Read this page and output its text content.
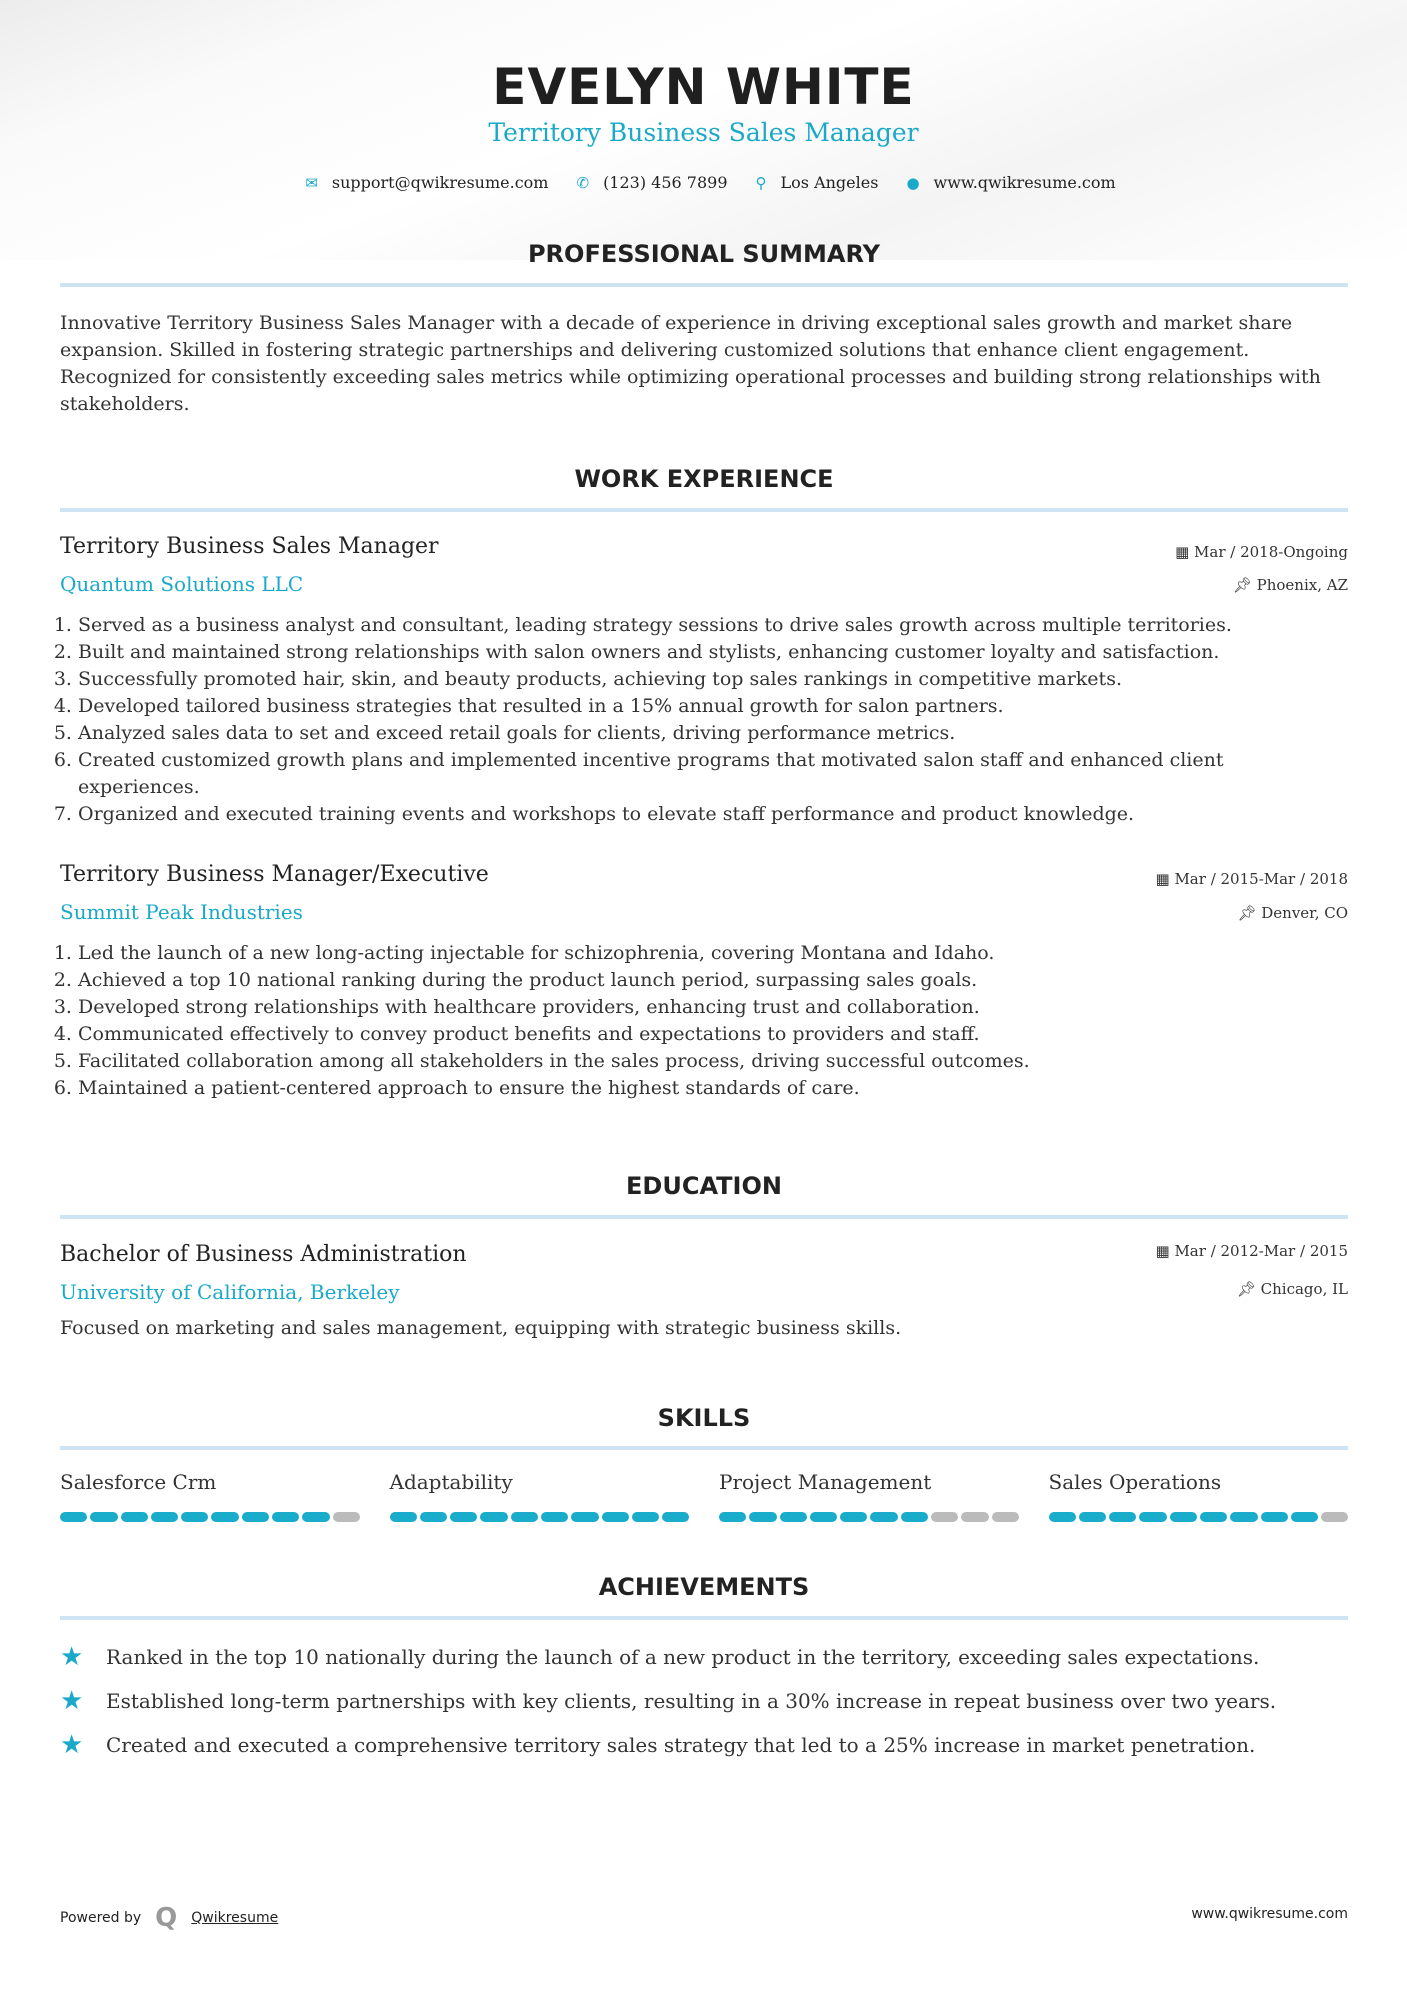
EVELYN WHITE
Territory Business Sales Manager
✉ support@qwikresume.com ✆ (123) 456 7899 ⚲ Los Angeles ● www.qwikresume.com
PROFESSIONAL SUMMARY
Innovative Territory Business Sales Manager with a decade of experience in driving exceptional sales growth and market share expansion. Skilled in fostering strategic partnerships and delivering customized solutions that enhance client engagement. Recognized for consistently exceeding sales metrics while optimizing operational processes and building strong relationships with stakeholders.
WORK EXPERIENCE
Territory Business Sales Manager	▦ Mar / 2018-Ongoing
Quantum Solutions LLC	📌︎ Phoenix, AZ
1. Served as a business analyst and consultant, leading strategy sessions to drive sales growth across multiple territories.
2. Built and maintained strong relationships with salon owners and stylists, enhancing customer loyalty and satisfaction.
3. Successfully promoted hair, skin, and beauty products, achieving top sales rankings in competitive markets.
4. Developed tailored business strategies that resulted in a 15% annual growth for salon partners.
5. Analyzed sales data to set and exceed retail goals for clients, driving performance metrics.
6. Created customized growth plans and implemented incentive programs that motivated salon staff and enhanced client experiences.
7. Organized and executed training events and workshops to elevate staff performance and product knowledge.
Territory Business Manager/Executive	▦ Mar / 2015-Mar / 2018
Summit Peak Industries	📌︎ Denver, CO
1. Led the launch of a new long-acting injectable for schizophrenia, covering Montana and Idaho.
2. Achieved a top 10 national ranking during the product launch period, surpassing sales goals.
3. Developed strong relationships with healthcare providers, enhancing trust and collaboration.
4. Communicated effectively to convey product benefits and expectations to providers and staff.
5. Facilitated collaboration among all stakeholders in the sales process, driving successful outcomes.
6. Maintained a patient-centered approach to ensure the highest standards of care.
EDUCATION
Bachelor of Business Administration	▦ Mar / 2012-Mar / 2015
University of California, Berkeley	📌︎ Chicago, IL
Focused on marketing and sales management, equipping with strategic business skills.
SKILLS
Salesforce Crm	Adaptability	Project Management	Sales Operations
ACHIEVEMENTS
★	Ranked in the top 10 nationally during the launch of a new product in the territory, exceeding sales expectations.
★	Established long-term partnerships with key clients, resulting in a 30% increase in repeat business over two years.
★	Created and executed a comprehensive territory sales strategy that led to a 25% increase in market penetration.
Powered by Q Qwikresume	www.qwikresume.com
